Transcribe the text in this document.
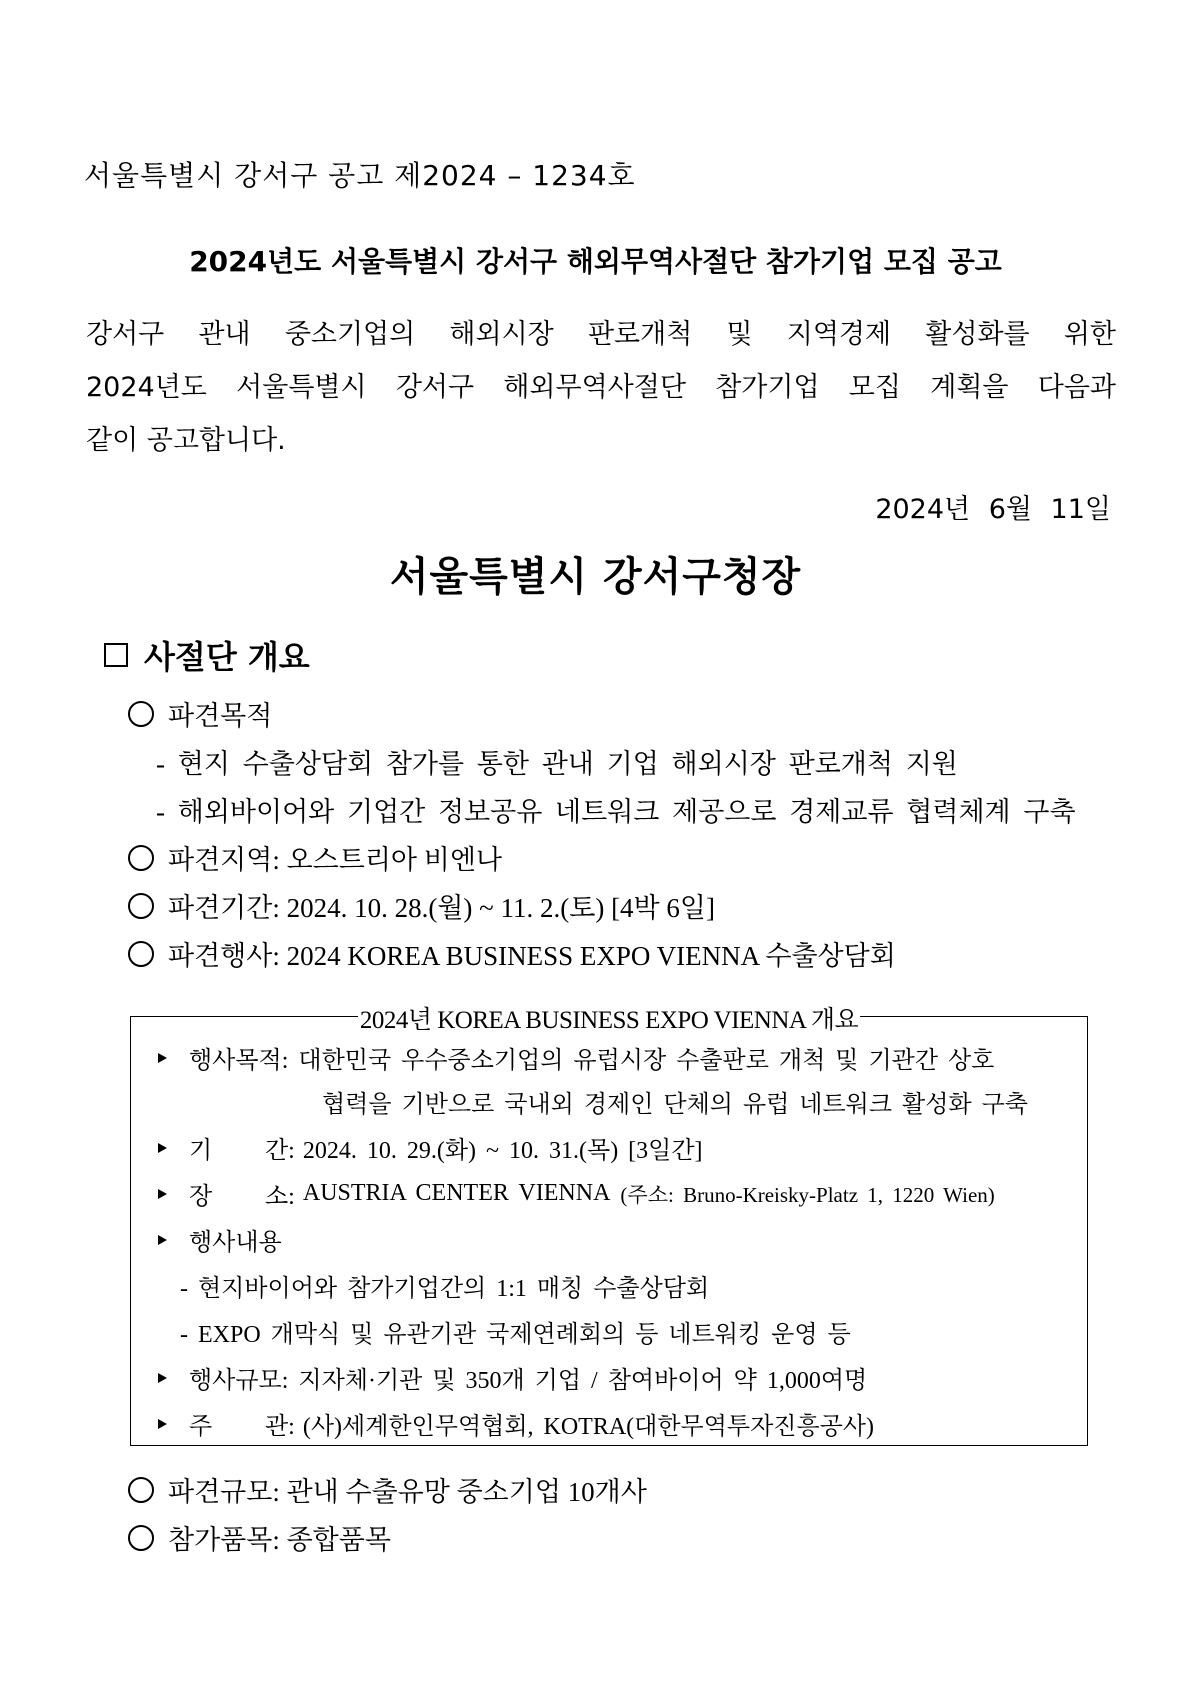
서울특별시 강서구 공고 제2024 – 1234호
2024년도 서울특별시 강서구 해외무역사절단 참가기업 모집 공고
강서구 관내 중소기업의 해외시장 판로개척 및 지역경제 활성화를 위한
2024년도 서울특별시 강서구 해외무역사절단 참가기업 모집 계획을 다음과
같이 공고합니다.
2024년 6월 11일
서울특별시 강서구청장
사절단 개요
파견목적
- 현지 수출상담회 참가를 통한 관내 기업 해외시장 판로개척 지원
- 해외바이어와 기업간 정보공유 네트워크 제공으로 경제교류 협력체계 구축
파견지역: 오스트리아 비엔나
파견기간: 2024. 10. 28.(월) ~ 11. 2.(토) [4박 6일]
파견행사: 2024 KOREA BUSINESS EXPO VIENNA 수출상담회
2024년 KOREA BUSINESS EXPO VIENNA 개요
행사목적: 대한민국 우수중소기업의 유럽시장 수출판로 개척 및 기관간 상호
협력을 기반으로 국내외 경제인 단체의 유럽 네트워크 활성화 구축
기	간: 2024. 10. 29.(화) ~ 10. 31.(목) [3일간]
장	소: AUSTRIA CENTER VIENNA (주소: Bruno-Kreisky-Platz 1, 1220 Wien)
행사내용
- 현지바이어와 참가기업간의 1:1 매칭 수출상담회
- EXPO 개막식 및 유관기관 국제연례회의 등 네트워킹 운영 등
행사규모: 지자체·기관 및 350개 기업 / 참여바이어 약 1,000여명
주	관: (사)세계한인무역협회, KOTRA(대한무역투자진흥공사)
파견규모: 관내 수출유망 중소기업 10개사
참가품목: 종합품목
